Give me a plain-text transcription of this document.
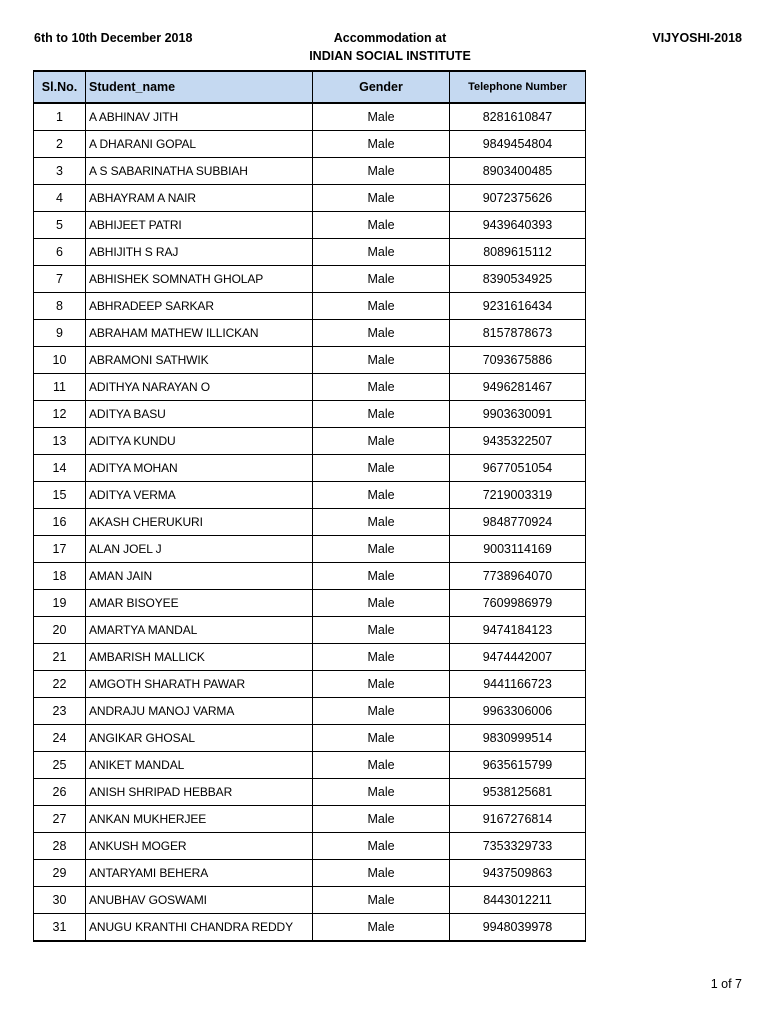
6th to 10th December 2018	Accommodation at
INDIAN SOCIAL INSTITUTE
VIJYOSHI-2018
Sl.No.	Student_name	Gender	Telephone Number
1	A ABHINAV JITH	Male	8281610847
2	A DHARANI GOPAL	Male	9849454804
3	A S SABARINATHA SUBBIAH	Male	8903400485
4	ABHAYRAM A NAIR	Male	9072375626
5	ABHIJEET PATRI	Male	9439640393
6	ABHIJITH S RAJ	Male	8089615112
7	ABHISHEK SOMNATH GHOLAP	Male	8390534925
8	ABHRADEEP SARKAR	Male	9231616434
9	ABRAHAM MATHEW ILLICKAN	Male	8157878673
10	ABRAMONI SATHWIK	Male	7093675886
11	ADITHYA NARAYAN O	Male	9496281467
12	ADITYA BASU	Male	9903630091
13	ADITYA KUNDU	Male	9435322507
14	ADITYA MOHAN	Male	9677051054
15	ADITYA VERMA	Male	7219003319
16	AKASH CHERUKURI	Male	9848770924
17	ALAN JOEL J	Male	9003114169
18	AMAN JAIN	Male	7738964070
19	AMAR BISOYEE	Male	7609986979
20	AMARTYA MANDAL	Male	9474184123
21	AMBARISH MALLICK	Male	9474442007
22	AMGOTH SHARATH PAWAR	Male	9441166723
23	ANDRAJU MANOJ VARMA	Male	9963306006
24	ANGIKAR GHOSAL	Male	9830999514
25	ANIKET MANDAL	Male	9635615799
26	ANISH SHRIPAD HEBBAR	Male	9538125681
27	ANKAN MUKHERJEE	Male	9167276814
28	ANKUSH MOGER	Male	7353329733
29	ANTARYAMI BEHERA	Male	9437509863
30	ANUBHAV GOSWAMI	Male	8443012211
31	ANUGU KRANTHI CHANDRA REDDY	Male	9948039978
1 of 7
